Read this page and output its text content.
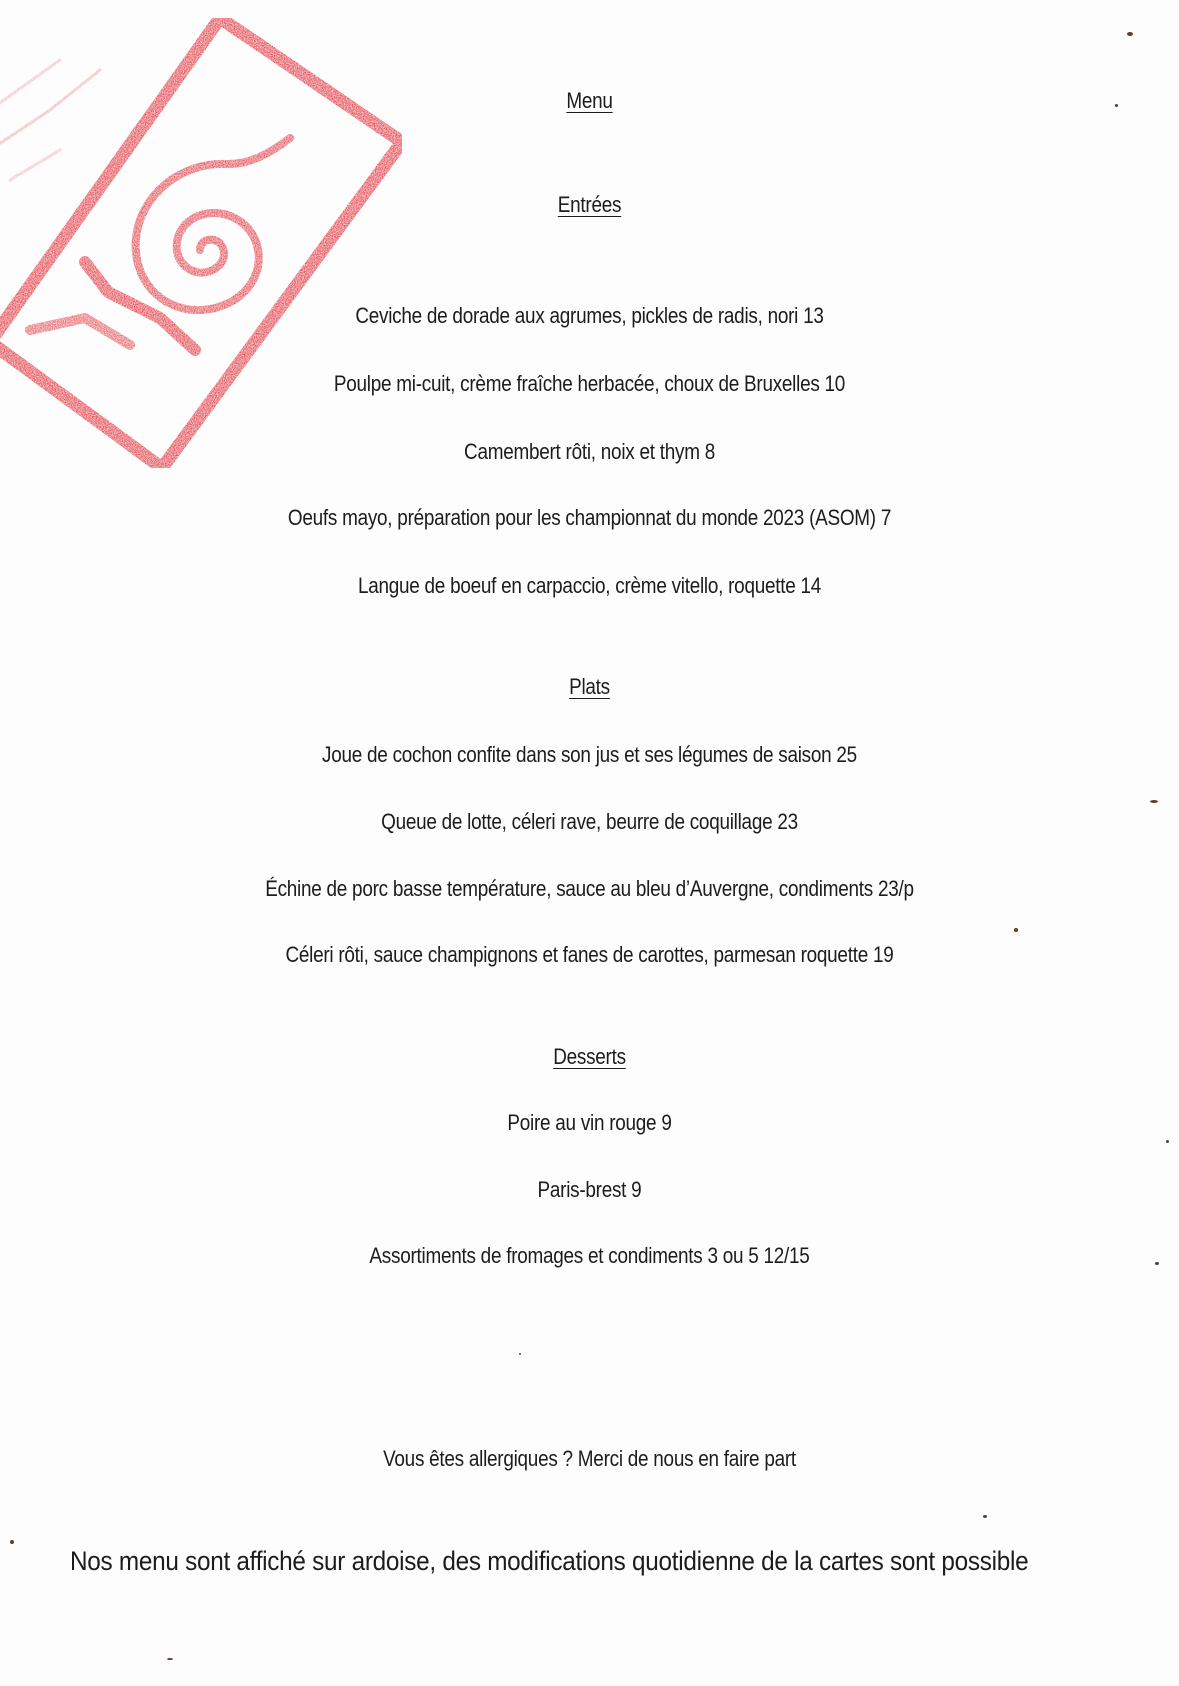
Menu
Entrées
Ceviche de dorade aux agrumes, pickles de radis, nori 13
Poulpe mi-cuit, crème fraîche herbacée, choux de Bruxelles 10
Camembert rôti, noix et thym 8
Oeufs mayo, préparation pour les championnat du monde 2023 (ASOM) 7
Langue de boeuf en carpaccio, crème vitello, roquette 14
Plats
Joue de cochon confite dans son jus et ses légumes de saison 25
Queue de lotte, céleri rave, beurre de coquillage 23
Échine de porc basse température, sauce au bleu d’Auvergne, condiments 23/p
Céleri rôti, sauce champignons et fanes de carottes, parmesan roquette 19
Desserts
Poire au vin rouge 9
Paris-brest 9
Assortiments de fromages et condiments 3 ou 5 12/15
Vous êtes allergiques ? Merci de nous en faire part
Nos menu sont affiché sur ardoise, des modifications quotidienne de la cartes sont possible
